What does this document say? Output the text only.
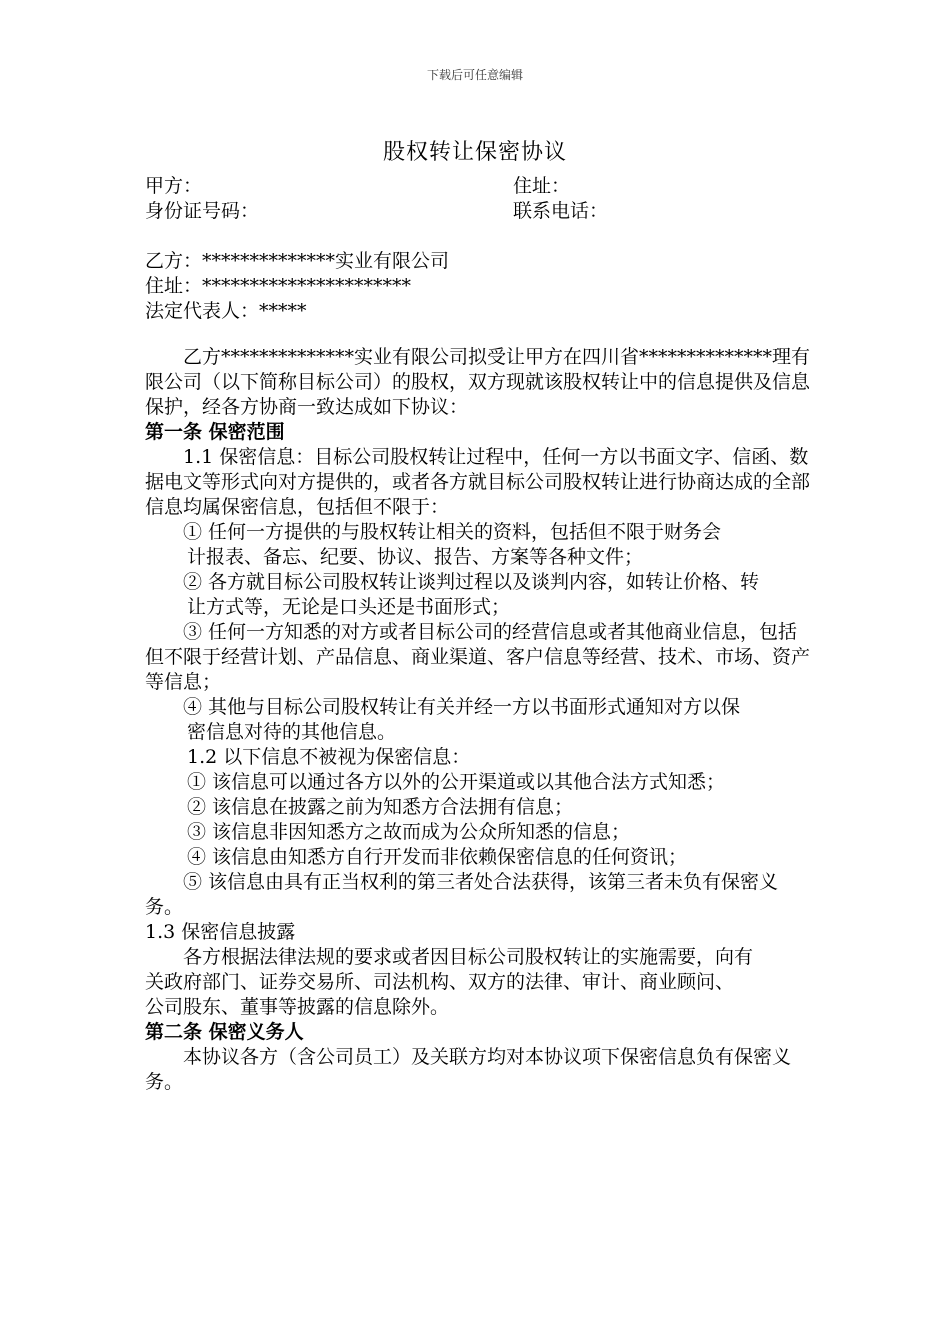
下载后可任意编辑
股权转让保密协议
甲方：	住址：
身份证号码：	联系电话：
乙方：**************实业有限公司
住址：**********************
法定代表人：*****

乙方**************实业有限公司拟受让甲方在四川省**************理有限公司（以下简称目标公司）的股权，双方现就该股权转让中的信息提供及信息保护，经各方协商一致达成如下协议：

第一条 保密范围

1.1 保密信息：目标公司股权转让过程中，任何一方以书面文字、信函、数据电文等形式向对方提供的，或者各方就目标公司股权转让进行协商达成的全部信息均属保密信息，包括但不限于：

① 任何一方提供的与股权转让相关的资料，包括但不限于财务会

计报表、备忘、纪要、协议、报告、方案等各种文件；

② 各方就目标公司股权转让谈判过程以及谈判内容，如转让价格、转

让方式等，无论是口头还是书面形式；

③ 任何一方知悉的对方或者目标公司的经营信息或者其他商业信息，包括但不限于经营计划、产品信息、商业渠道、客户信息等经营、技术、市场、资产等信息；

④ 其他与目标公司股权转让有关并经一方以书面形式通知对方以保

密信息对待的其他信息。

1.2 以下信息不被视为保密信息：

① 该信息可以通过各方以外的公开渠道或以其他合法方式知悉；

② 该信息在披露之前为知悉方合法拥有信息；

③ 该信息非因知悉方之故而成为公众所知悉的信息；

④ 该信息由知悉方自行开发而非依赖保密信息的任何资讯；

⑤ 该信息由具有正当权利的第三者处合法获得，该第三者未负有保密义务。

1.3 保密信息披露

各方根据法律法规的要求或者因目标公司股权转让的实施需要，向有

关政府部门、证券交易所、司法机构、双方的法律、审计、商业顾问、

公司股东、董事等披露的信息除外。

第二条 保密义务人

本协议各方（含公司员工）及关联方均对本协议项下保密信息负有保密义务。
